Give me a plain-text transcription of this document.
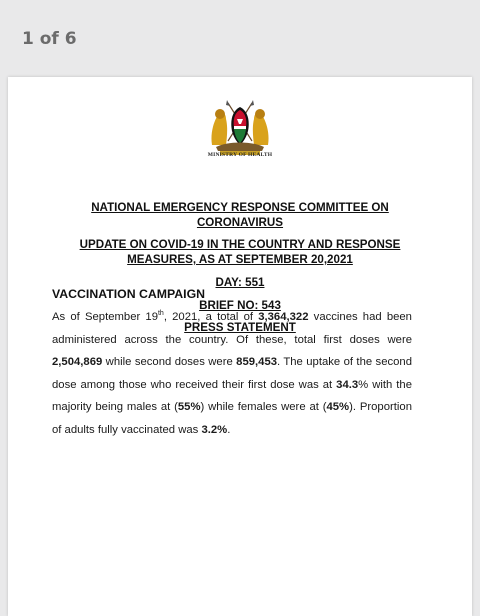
1 of 6
MINISTRY OF HEALTH
NATIONAL EMERGENCY RESPONSE COMMITTEE ON
CORONAVIRUS
UPDATE ON COVID-19 IN THE COUNTRY AND RESPONSE
MEASURES, AS AT SEPTEMBER 20,2021
DAY: 551
BRIEF NO: 543
PRESS STATEMENT
VACCINATION CAMPAIGN
As of September 19th, 2021, a total of 3,364,322 vaccines had been administered across the country. Of these, total first doses were 2,504,869 while second doses were 859,453. The uptake of the second dose among those who received their first dose was at 34.3% with the majority being males at (55%) while females were at (45%). Proportion of adults fully vaccinated was 3.2%.
